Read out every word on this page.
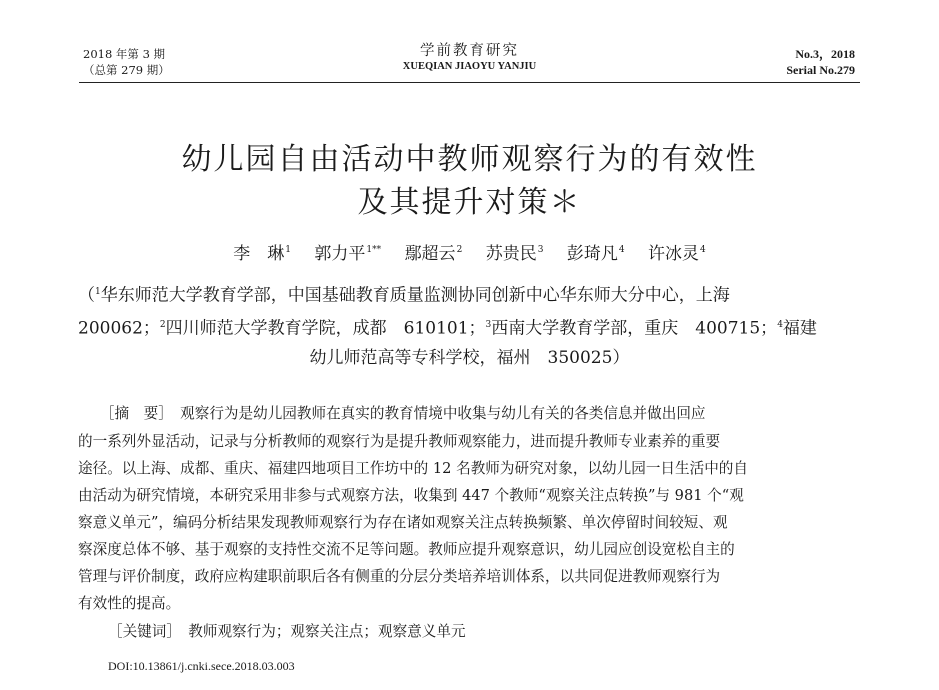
2018 年第 3 期
（总第 279 期）
学前教育研究
XUEQIAN JIAOYU YANJIU
No.3，2018
Serial No.279
幼儿园自由活动中教师观察行为的有效性
及其提升对策＊
李　琳$^1$ 郭力平$^{1**}$ 鄢超云$^2$ 苏贵民$^3$ 彭琦凡$^4$ 许冰灵$^4$
（$^1$华东师范大学教育学部，中国基础教育质量监测协同创新中心华东师大分中心，上海
200062；$^2$四川师范大学教育学院，成都　610101；$^3$西南大学教育学部，重庆　400715；$^4$福建
幼儿师范高等专科学校，福州　350025）
　　［摘　要］　观察行为是幼儿园教师在真实的教育情境中收集与幼儿有关的各类信息并做出回应
的一系列外显活动，记录与分析教师的观察行为是提升教师观察能力，进而提升教师专业素养的重要
途径。以上海、成都、重庆、福建四地项目工作坊中的 12 名教师为研究对象，以幼儿园一日生活中的自
由活动为研究情境，本研究采用非参与式观察方法，收集到 447 个教师“观察关注点转换”与 981 个“观
察意义单元”，编码分析结果发现教师观察行为存在诸如观察关注点转换频繁、单次停留时间较短、观
察深度总体不够、基于观察的支持性交流不足等问题。教师应提升观察意识，幼儿园应创设宽松自主的
管理与评价制度，政府应构建职前职后各有侧重的分层分类培养培训体系，以共同促进教师观察行为
有效性的提高。
［关键词］　教师观察行为；观察关注点；观察意义单元
DOI:10.13861/j.cnki.sece.2018.03.003
